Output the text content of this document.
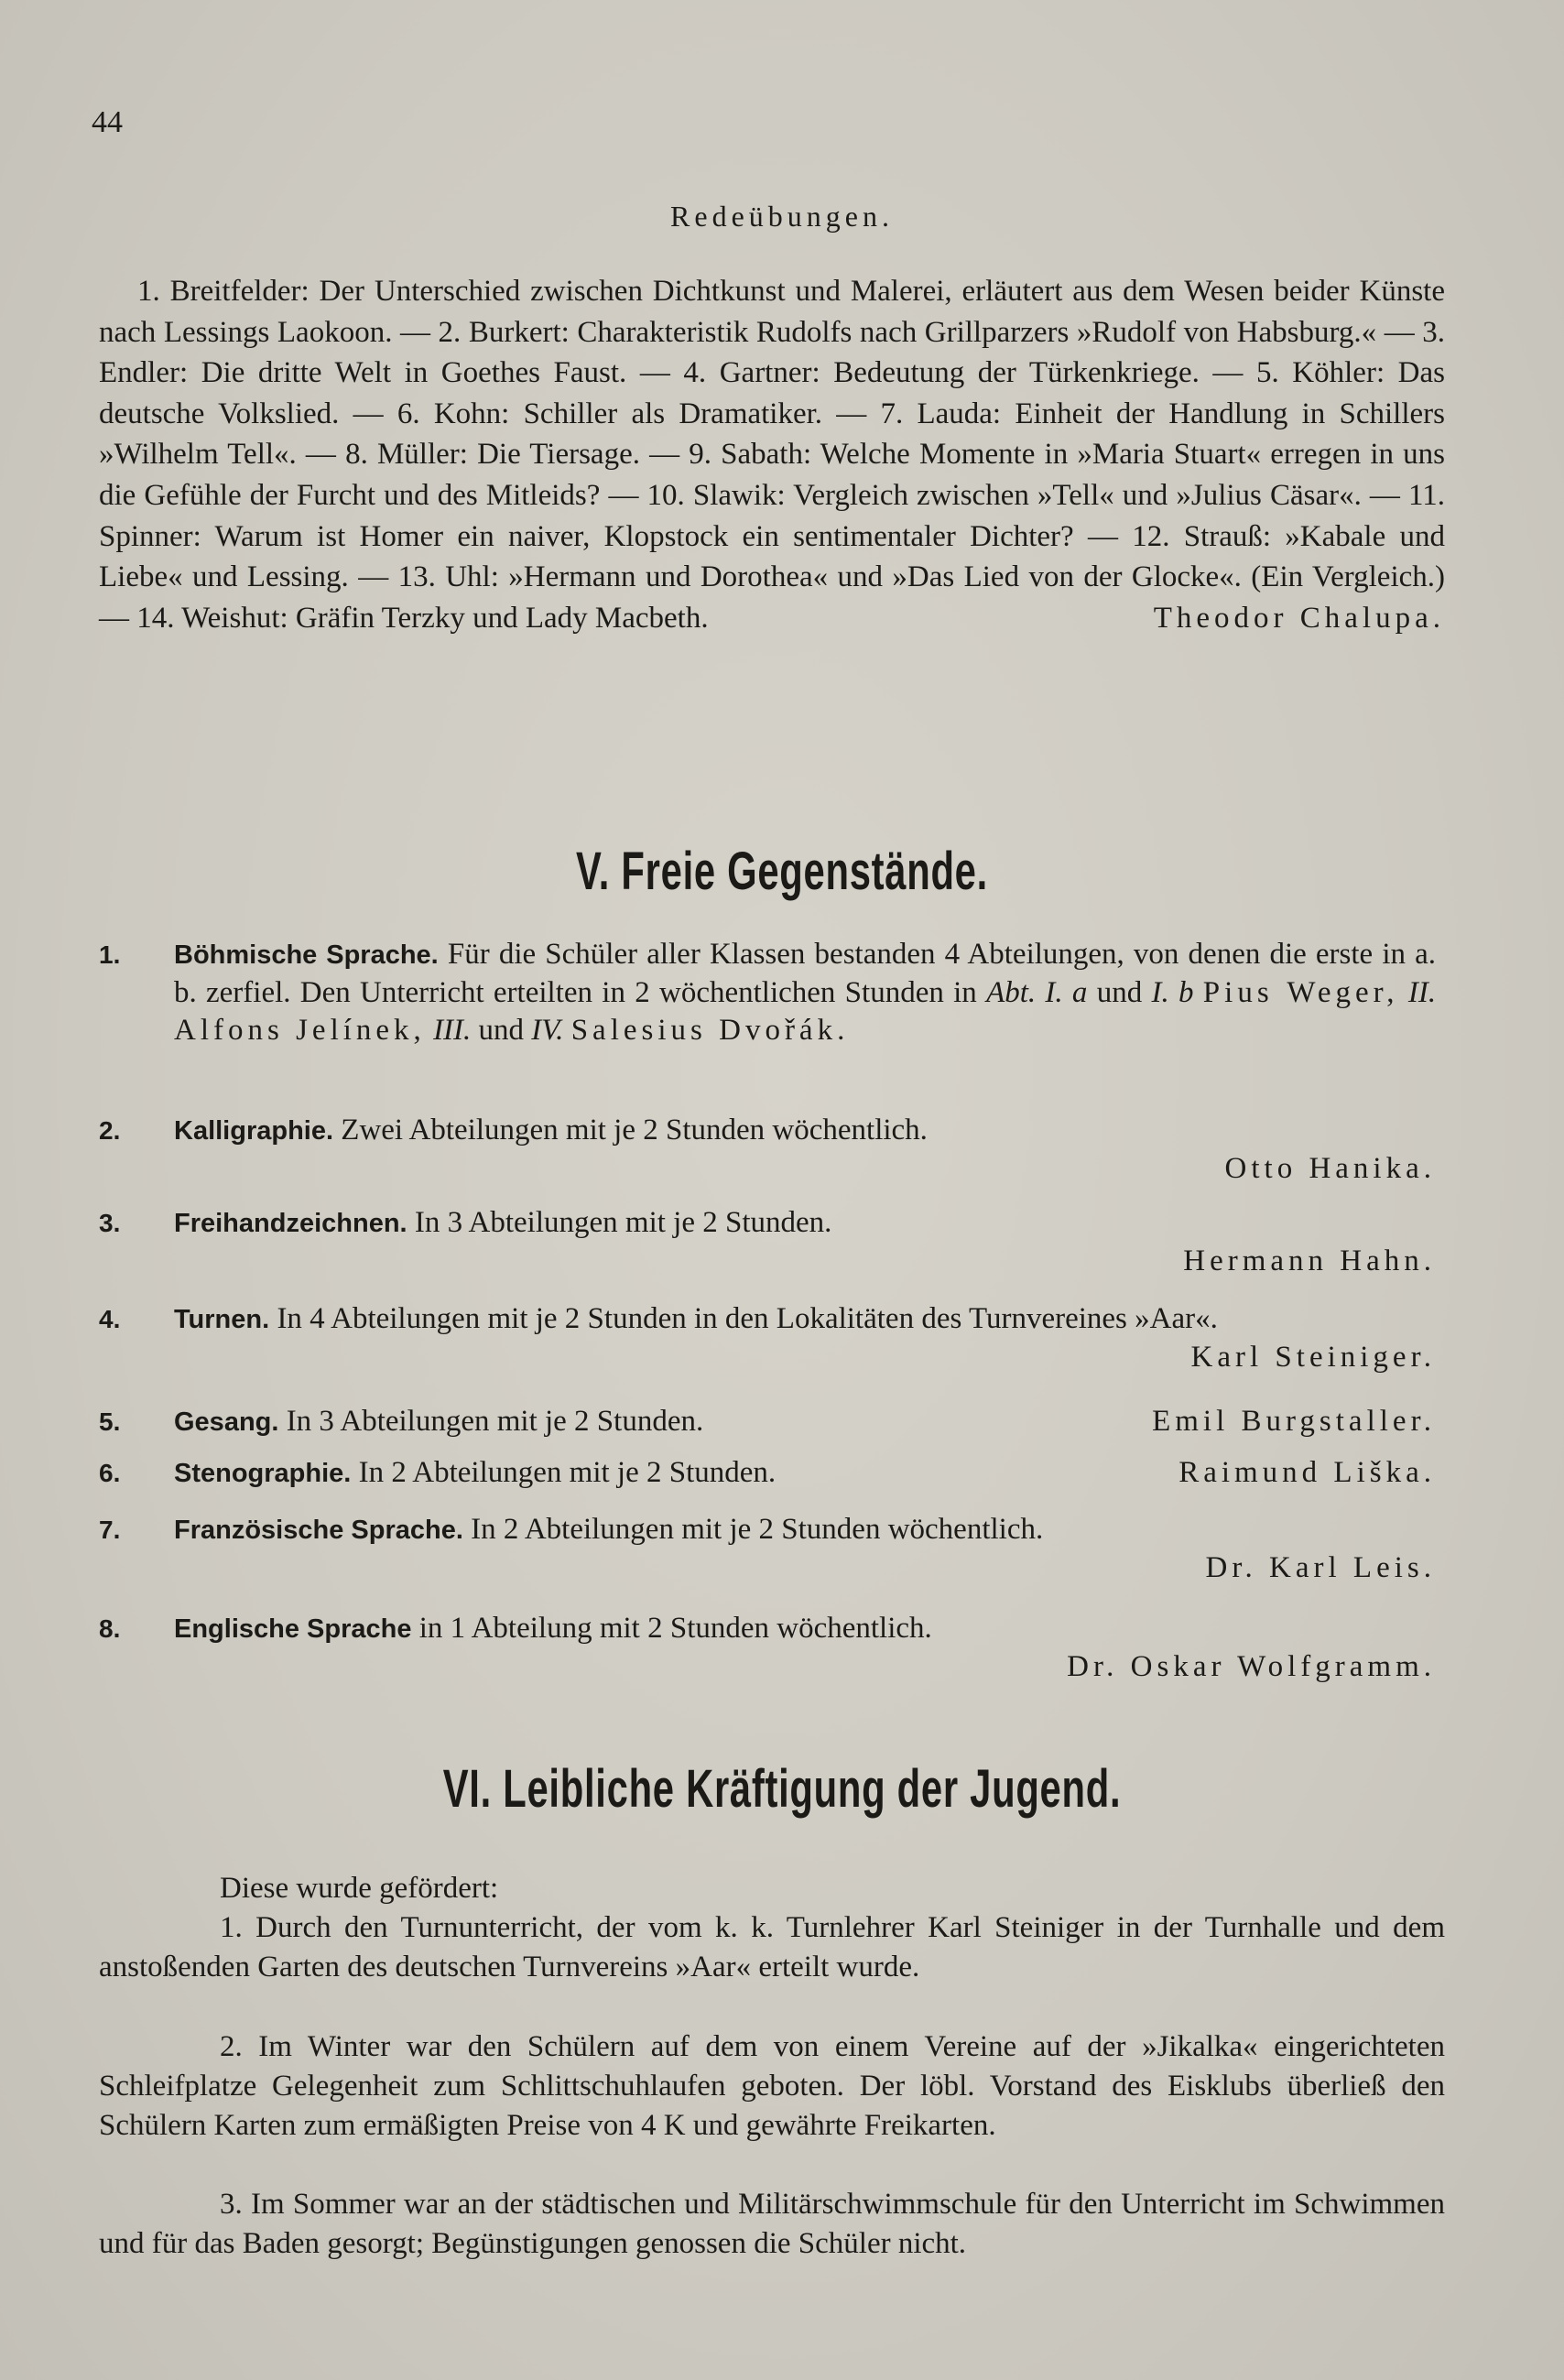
44
Redeübungen.
1. Breitfelder: Der Unterschied zwischen Dichtkunst und Malerei, erläutert aus dem Wesen beider Künste nach Lessings Laokoon. — 2. Burkert: Charakteristik Rudolfs nach Grillparzers »Rudolf von Habsburg.« — 3. Endler: Die dritte Welt in Goethes Faust. — 4. Gartner: Bedeutung der Türkenkriege. — 5. Köhler: Das deutsche Volkslied. — 6. Kohn: Schiller als Dramatiker. — 7. Lauda: Einheit der Handlung in Schillers »Wilhelm Tell«. — 8. Müller: Die Tiersage. — 9. Sabath: Welche Momente in »Maria Stuart« erregen in uns die Gefühle der Furcht und des Mitleids? — 10. Slawik: Vergleich zwischen »Tell« und »Julius Cäsar«. — 11. Spinner: Warum ist Homer ein naiver, Klopstock ein sentimentaler Dichter? — 12. Strauß: »Kabale und Liebe« und Lessing. — 13. Uhl: »Hermann und Dorothea« und »Das Lied von der Glocke«. (Ein Vergleich.) — 14. Weishut: Gräfin Terzky und Lady Macbeth.	Theodor Chalupa.
V. Freie Gegenstände.
1. Böhmische Sprache. Für die Schüler aller Klassen bestanden 4 Abteilungen, von denen die erste in a. b. zerfiel. Den Unterricht erteilten in 2 wöchentlichen Stunden in Abt. I. a und I. b Pius Weger, II. Alfons Jelínek, III. und IV. Salesius Dvořák.
2. Kalligraphie. Zwei Abteilungen mit je 2 Stunden wöchentlich.
Otto Hanika.
3. Freihandzeichnen. In 3 Abteilungen mit je 2 Stunden.
Hermann Hahn.
4. Turnen. In 4 Abteilungen mit je 2 Stunden in den Lokalitäten des Turnvereines »Aar«.
Karl Steiniger.
5. Gesang. In 3 Abteilungen mit je 2 Stunden.	Emil Burgstaller.
6. Stenographie. In 2 Abteilungen mit je 2 Stunden.	Raimund Liška.
7. Französische Sprache. In 2 Abteilungen mit je 2 Stunden wöchentlich.
Dr. Karl Leis.
8. Englische Sprache in 1 Abteilung mit 2 Stunden wöchentlich.
Dr. Oskar Wolfgramm.
VI. Leibliche Kräftigung der Jugend.
Diese wurde gefördert:
1. Durch den Turnunterricht, der vom k. k. Turnlehrer Karl Steiniger in der Turnhalle und dem anstoßenden Garten des deutschen Turnvereins »Aar« erteilt wurde.
2. Im Winter war den Schülern auf dem von einem Vereine auf der »Jikalka« eingerichteten Schleifplatze Gelegenheit zum Schlittschuhlaufen geboten. Der löbl. Vorstand des Eisklubs überließ den Schülern Karten zum ermäßigten Preise von 4 K und gewährte Freikarten.
3. Im Sommer war an der städtischen und Militärschwimmschule für den Unterricht im Schwimmen und für das Baden gesorgt; Begünstigungen genossen die Schüler nicht.
